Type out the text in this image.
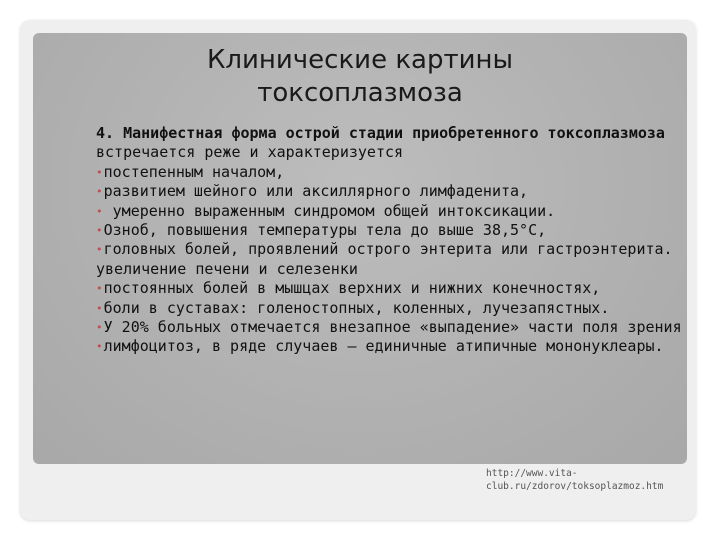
Клинические картины
токсоплазмоза

4. Манифестная форма острой стадии приобретенного токсоплазмоза встречается реже и характеризуется

•постепенным началом,

•развитием шейного или аксиллярного лимфаденита,

• умеренно выраженным синдромом общей интоксикации.

•Озноб, повышения температуры тела до выше 38,5°С,

•головных болей, проявлений острого энтерита или гастроэнтерита. увеличение печени и селезенки

•постоянных болей в мышцах верхних и нижних конечностях,

•боли в суставах: голеностопных, коленных, лучезапястных.

•У 20% больных отмечается внезапное «выпадение» части поля зрения

•лимфоцитоз, в ряде случаев – единичные атипичные мононуклеары.

http://www.vita-club.ru/zdorov/toksoplazmoz.htm
